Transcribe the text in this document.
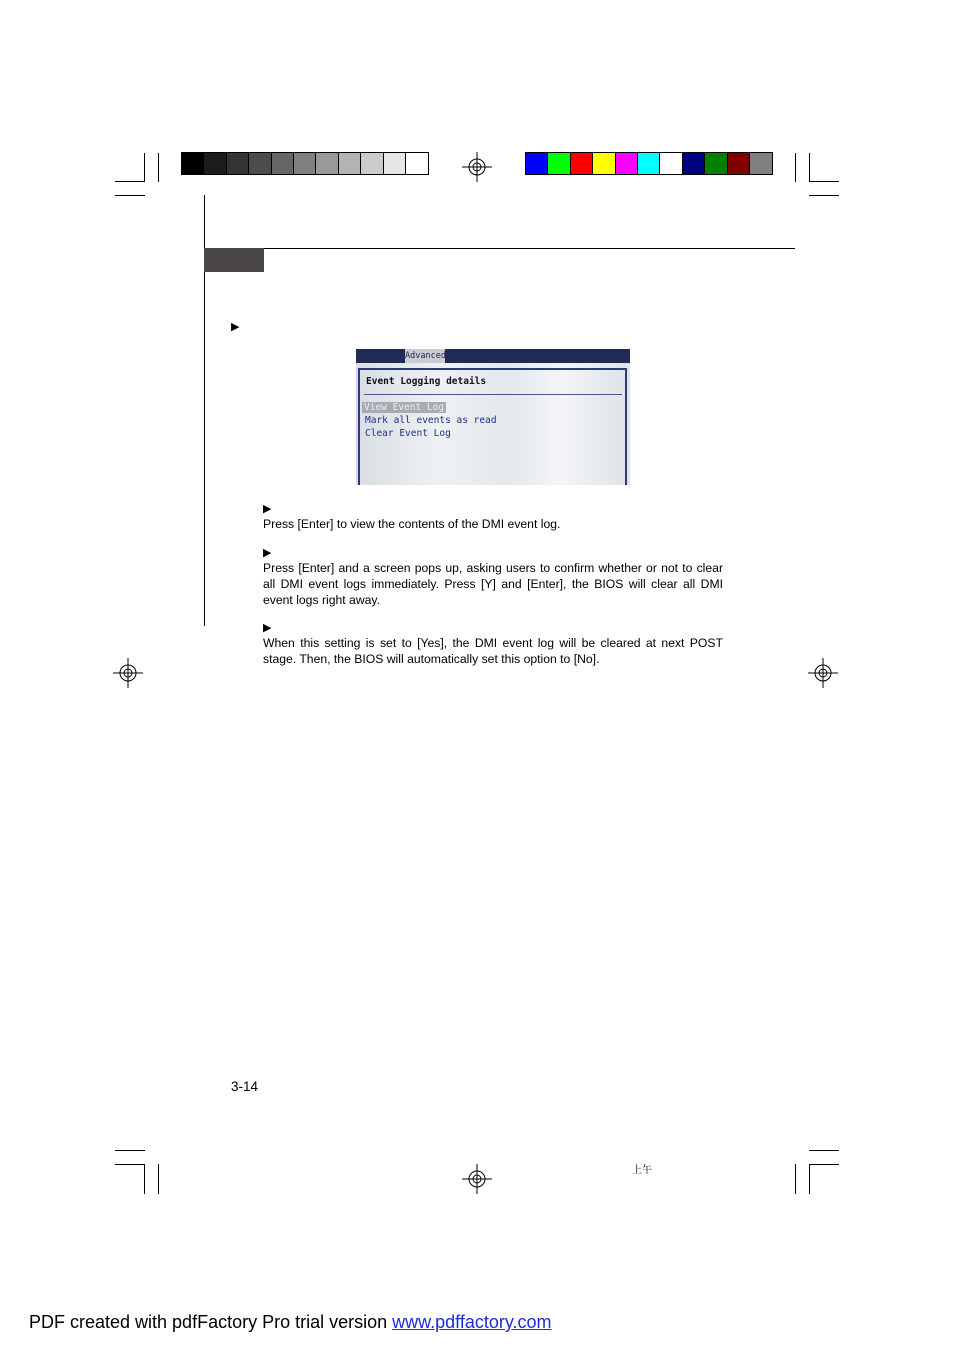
▶
Advanced
Event Logging details
View Event Log
Mark all events as read
Clear Event Log
▶
Press [Enter] to view the contents of the DMI event log.
▶
Press [Enter] and a screen pops up, asking users to confirm whether or not to clear all DMI event logs immediately. Press [Y] and [Enter], the BIOS will clear all DMI event logs right away.
▶
When this setting is set to [Yes], the DMI event log will be cleared at next POST stage. Then, the BIOS will automatically set this option to [No].
3-14
上午
PDF created with pdfFactory Pro trial version www.pdffactory.com
